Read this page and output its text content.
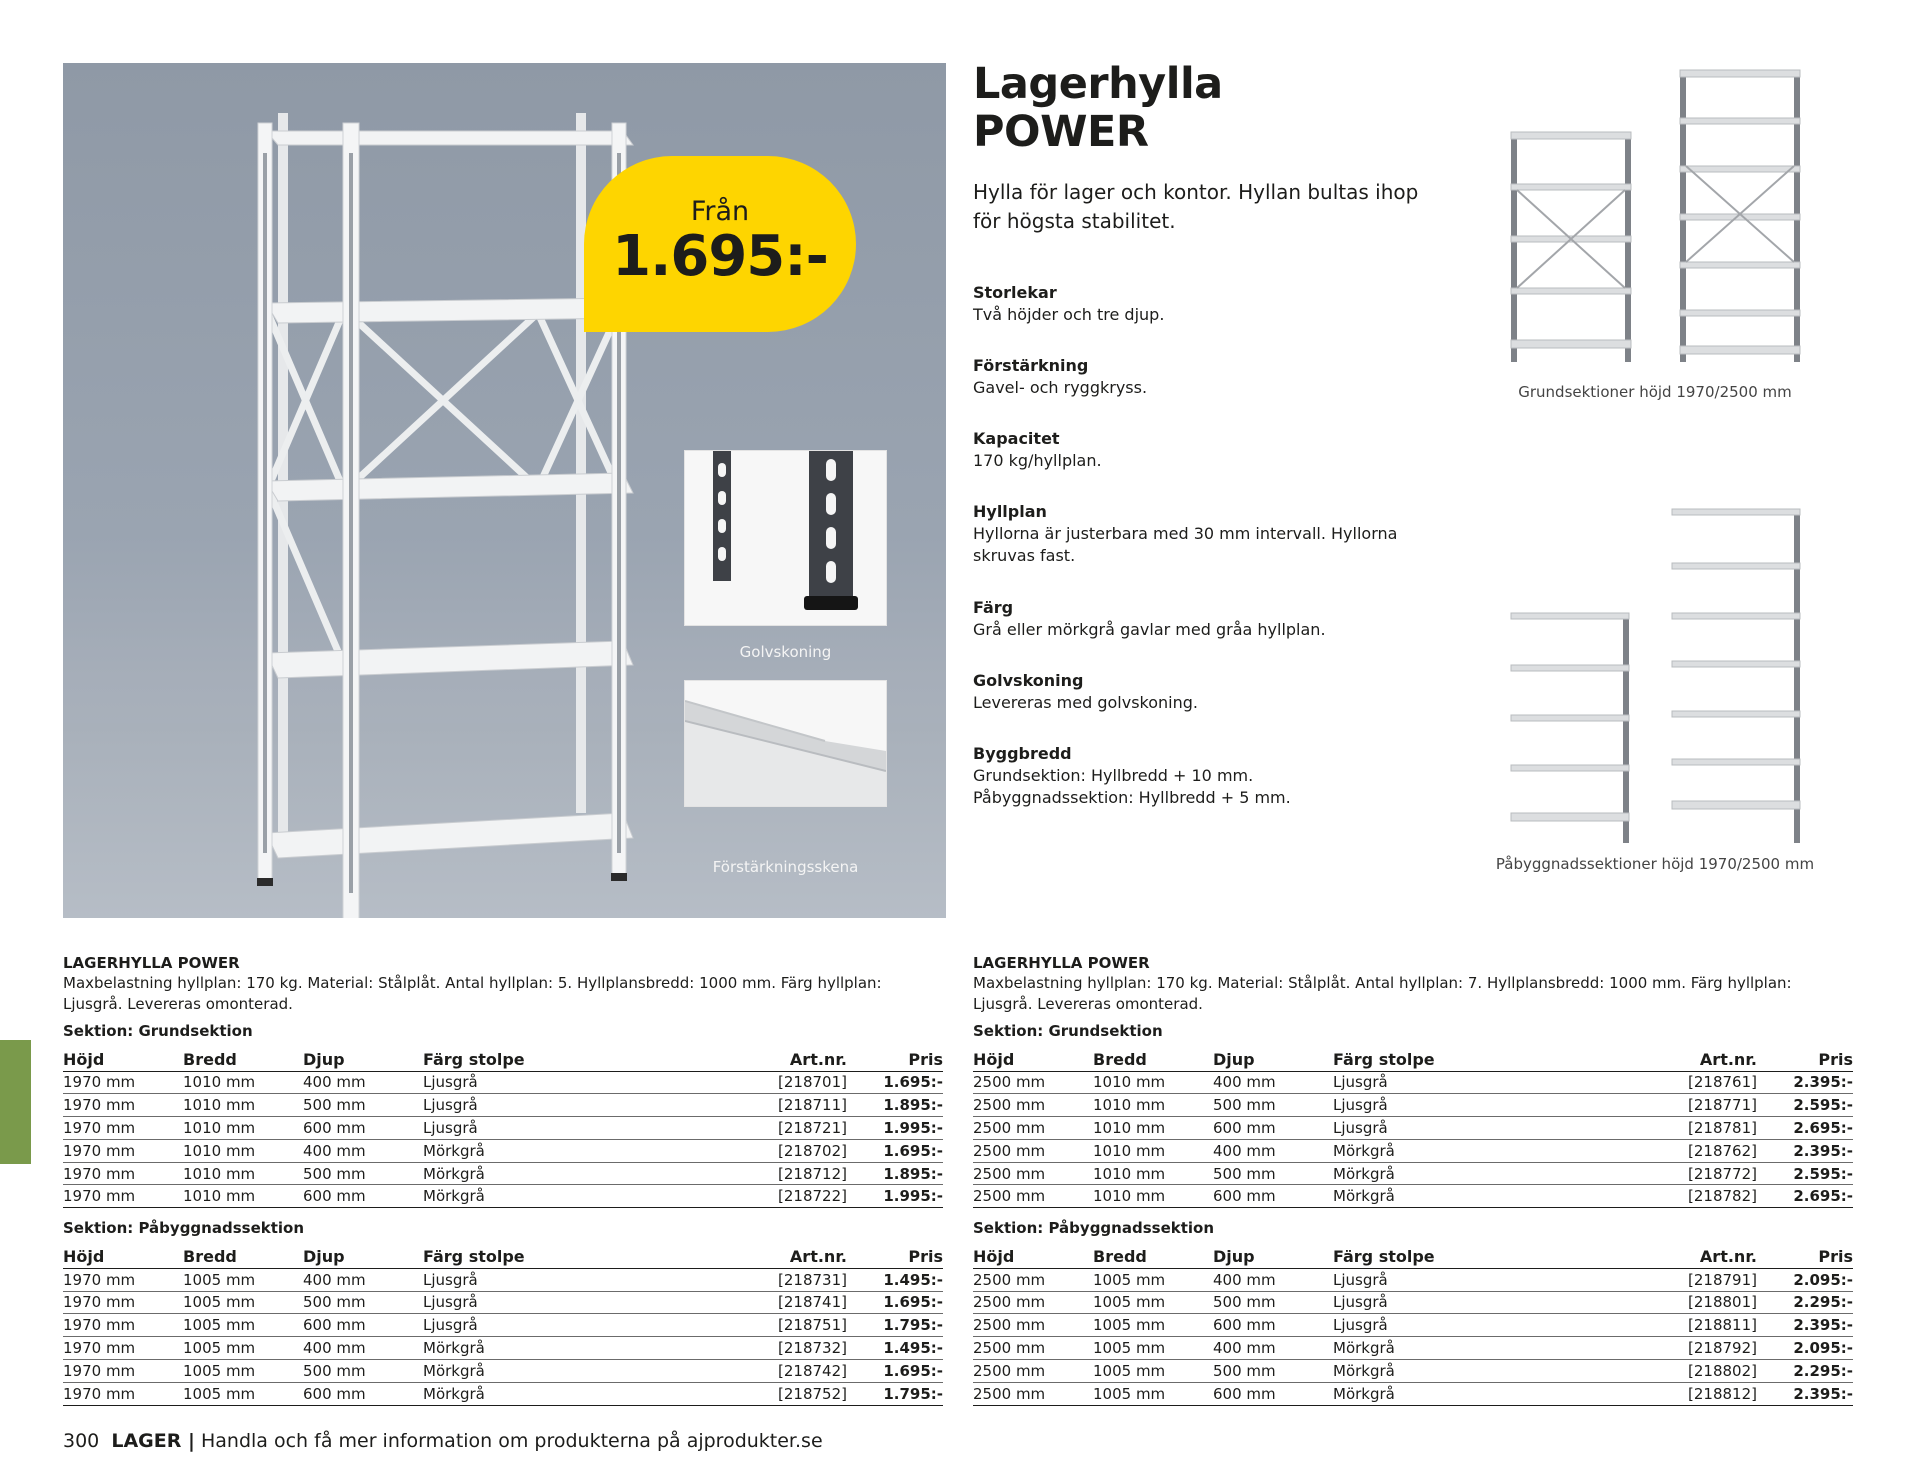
Från
1.695:-
Golvskoning
Förstärkningsskena
Lagerhylla
POWER
Hylla för lager och kontor. Hyllan bultas ihop för högsta stabilitet.
Storlekar
Två höjder och tre djup.
Förstärkning
Gavel- och ryggkryss.
Kapacitet
170 kg/hyllplan.
Hyllplan
Hyllorna är justerbara med 30 mm intervall. Hyllorna skruvas fast.
Färg
Grå eller mörkgrå gavlar med gråa hyllplan.
Golvskoning
Levereras med golvskoning.
Byggbredd
Grundsektion: Hyllbredd + 10 mm.
Påbyggnadssektion: Hyllbredd + 5 mm.
Grundsektioner höjd 1970/2500 mm
Påbyggnadssektioner höjd 1970/2500 mm
LAGERHYLLA POWER
Maxbelastning hyllplan: 170 kg. Material: Stålplåt. Antal hyllplan: 5. Hyllplansbredd: 1000 mm. Färg hyllplan: Ljusgrå. Levereras omonterad.
Sektion: Grundsektion
Höjd	Bredd	Djup	Färg stolpe	Art.nr.	Pris
1970 mm	1010 mm	400 mm	Ljusgrå	[218701]	1.695:-
1970 mm	1010 mm	500 mm	Ljusgrå	[218711]	1.895:-
1970 mm	1010 mm	600 mm	Ljusgrå	[218721]	1.995:-
1970 mm	1010 mm	400 mm	Mörkgrå	[218702]	1.695:-
1970 mm	1010 mm	500 mm	Mörkgrå	[218712]	1.895:-
1970 mm	1010 mm	600 mm	Mörkgrå	[218722]	1.995:-
Sektion: Påbyggnadssektion
Höjd	Bredd	Djup	Färg stolpe	Art.nr.	Pris
1970 mm	1005 mm	400 mm	Ljusgrå	[218731]	1.495:-
1970 mm	1005 mm	500 mm	Ljusgrå	[218741]	1.695:-
1970 mm	1005 mm	600 mm	Ljusgrå	[218751]	1.795:-
1970 mm	1005 mm	400 mm	Mörkgrå	[218732]	1.495:-
1970 mm	1005 mm	500 mm	Mörkgrå	[218742]	1.695:-
1970 mm	1005 mm	600 mm	Mörkgrå	[218752]	1.795:-
LAGERHYLLA POWER
Maxbelastning hyllplan: 170 kg. Material: Stålplåt. Antal hyllplan: 7. Hyllplansbredd: 1000 mm. Färg hyllplan: Ljusgrå. Levereras omonterad.
Sektion: Grundsektion
Höjd	Bredd	Djup	Färg stolpe	Art.nr.	Pris
2500 mm	1010 mm	400 mm	Ljusgrå	[218761]	2.395:-
2500 mm	1010 mm	500 mm	Ljusgrå	[218771]	2.595:-
2500 mm	1010 mm	600 mm	Ljusgrå	[218781]	2.695:-
2500 mm	1010 mm	400 mm	Mörkgrå	[218762]	2.395:-
2500 mm	1010 mm	500 mm	Mörkgrå	[218772]	2.595:-
2500 mm	1010 mm	600 mm	Mörkgrå	[218782]	2.695:-
Sektion: Påbyggnadssektion
Höjd	Bredd	Djup	Färg stolpe	Art.nr.	Pris
2500 mm	1005 mm	400 mm	Ljusgrå	[218791]	2.095:-
2500 mm	1005 mm	500 mm	Ljusgrå	[218801]	2.295:-
2500 mm	1005 mm	600 mm	Ljusgrå	[218811]	2.395:-
2500 mm	1005 mm	400 mm	Mörkgrå	[218792]	2.095:-
2500 mm	1005 mm	500 mm	Mörkgrå	[218802]	2.295:-
2500 mm	1005 mm	600 mm	Mörkgrå	[218812]	2.395:-
300 LAGER | Handla och få mer information om produkterna på ajprodukter.se
